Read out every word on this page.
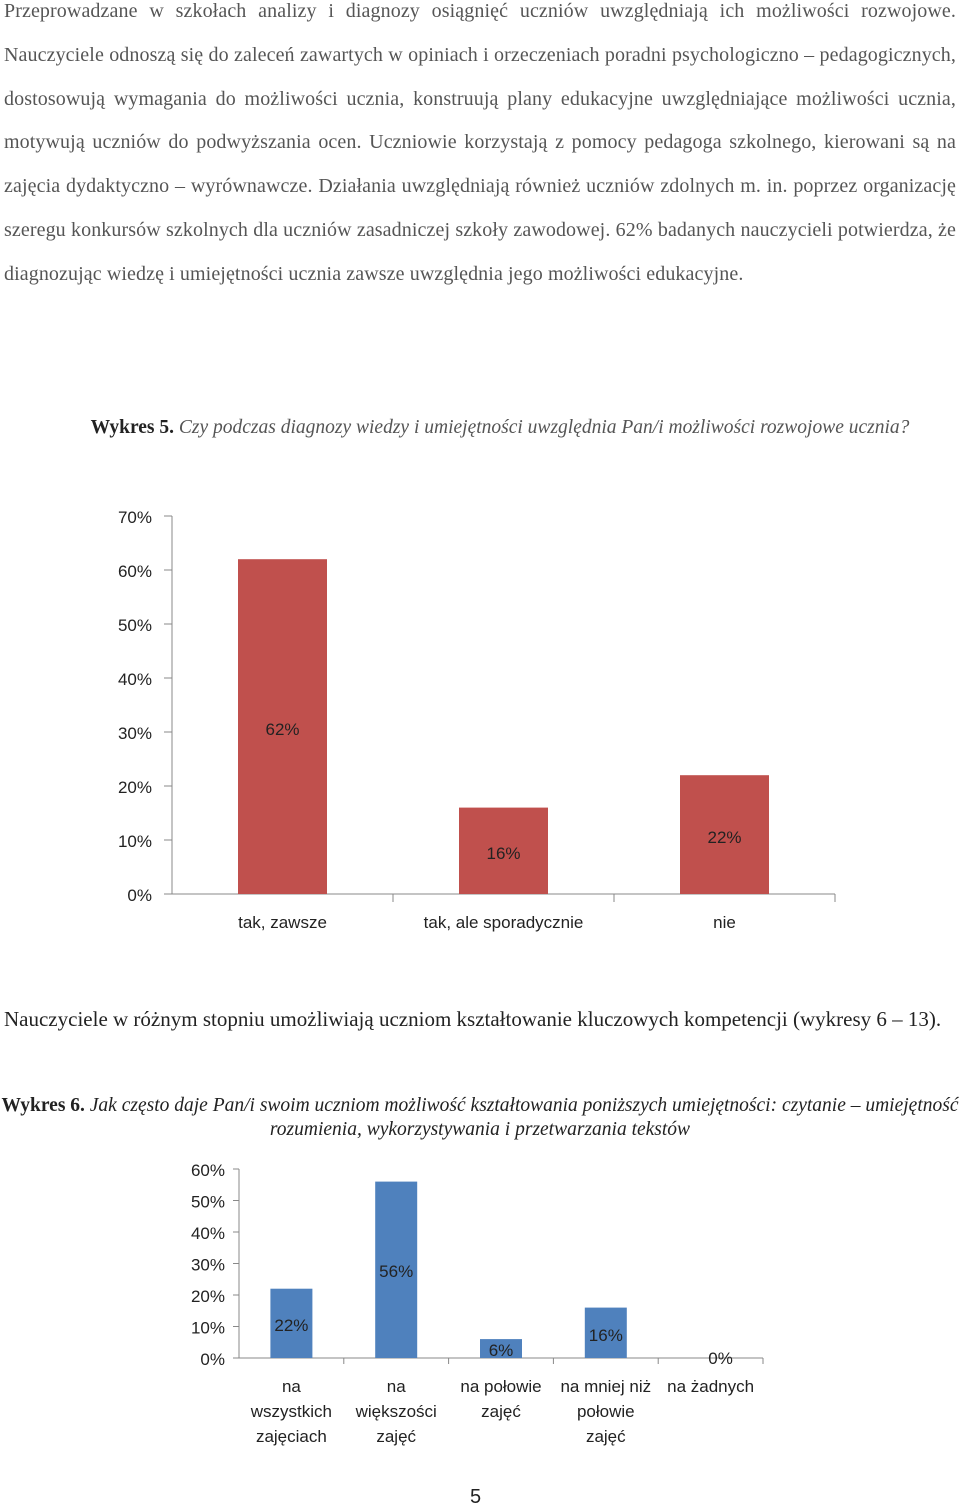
Przeprowadzane w szkołach analizy i diagnozy osiągnięć uczniów uwzględniają ich możliwości rozwojowe. Nauczyciele odnoszą się do zaleceń zawartych w opiniach i orzeczeniach poradni psychologiczno – pedagogicznych, dostosowują wymagania do możliwości ucznia, konstruują plany edukacyjne uwzględniające możliwości ucznia, motywują uczniów do podwyższania ocen. Uczniowie korzystają z pomocy pedagoga szkolnego, kierowani są na zajęcia dydaktyczno – wyrównawcze. Działania uwzględniają również uczniów zdolnych m. in. poprzez organizację szeregu konkursów szkolnych dla uczniów zasadniczej szkoły zawodowej. 62% badanych nauczycieli potwierdza, że diagnozując wiedzę i umiejętności ucznia zawsze uwzględnia jego możliwości edukacyjne.

Wykres 5. Czy podczas diagnozy wiedzy i umiejętności uwzględnia Pan/i możliwości rozwojowe ucznia?

0%
10%
20%
30%
40%
50%
60%
70%
tak, zawsze	tak, ale sporadycznie	nie
62%
16%
22%

Nauczyciele w różnym stopniu umożliwiają uczniom kształtowanie kluczowych kompetencji (wykresy 6 – 13).

Wykres 6. Jak często daje Pan/i swoim uczniom możliwość kształtowania poniższych umiejętności: czytanie – umiejętność rozumienia, wykorzystywania i przetwarzania tekstów

0%
10%
20%
30%
40%
50%
60%
na
wszystkich
zajęciach
na
większości
zajęć
na połowie
zajęć
na mniej niż
połowie
zajęć
na żadnych
22%
56%
6%
16%
0%
5
